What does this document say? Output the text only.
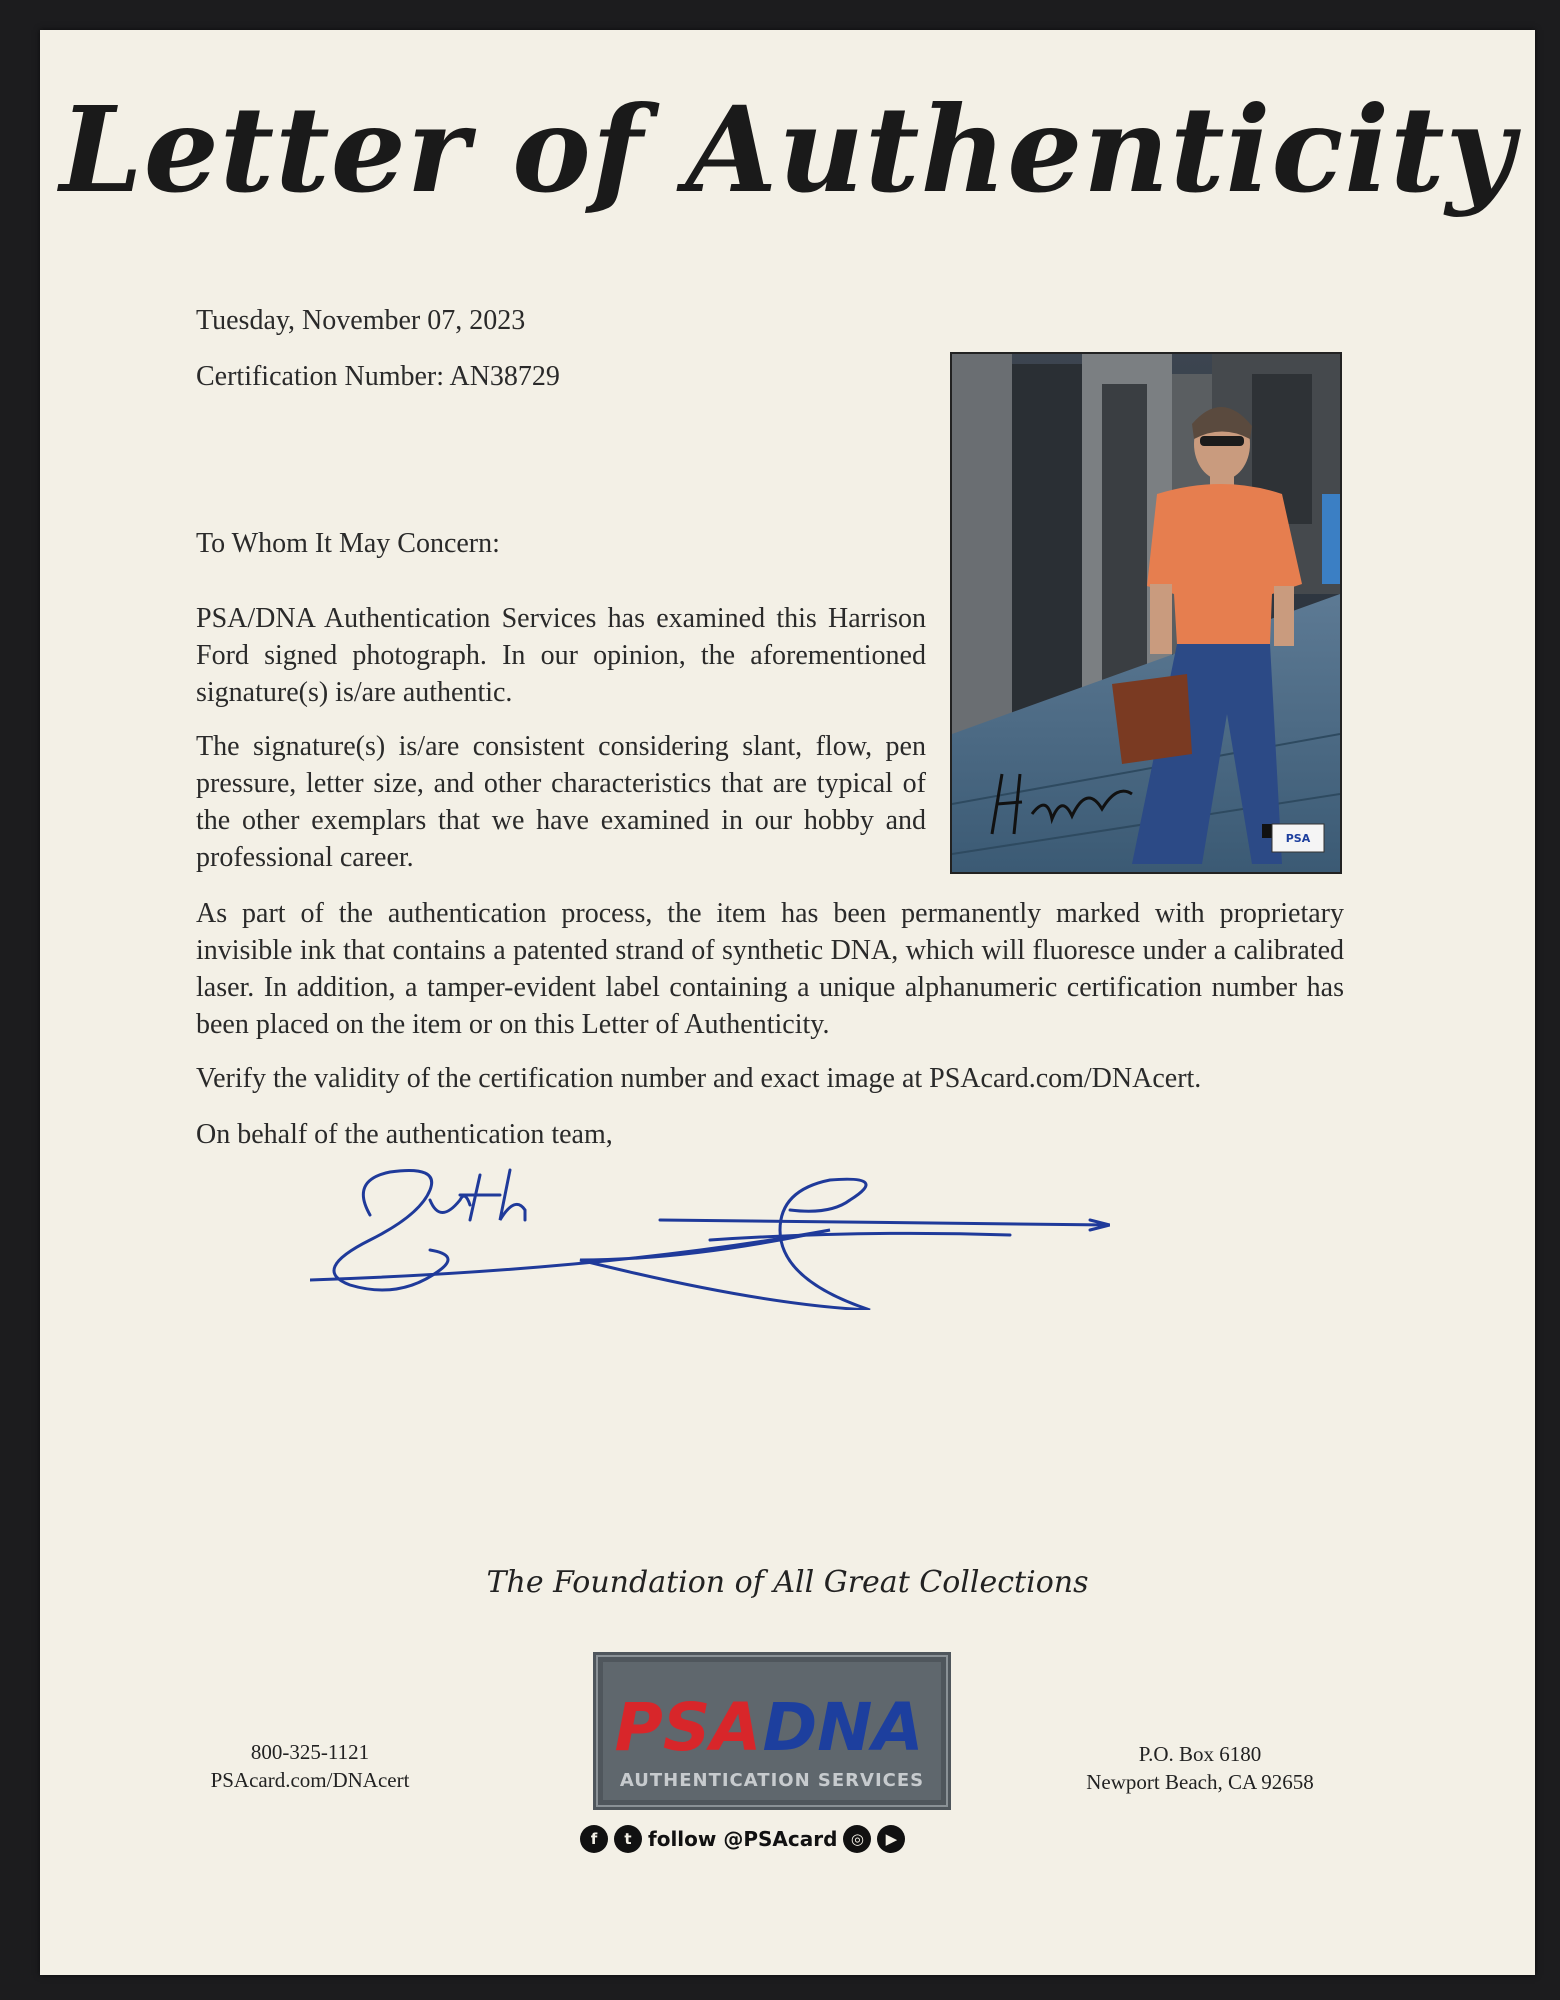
Letter of Authenticity
Tuesday, November 07, 2023
Certification Number: AN38729
To Whom It May Concern:

PSA/DNA Authentication Services has examined this Harrison Ford signed photograph. In our opinion, the aforementioned signature(s) is/are authentic.

The signature(s) is/are consistent considering slant, flow, pen pressure, letter size, and other characteristics that are typical of the other exemplars that we have examined in our hobby and professional career.

As part of the authentication process, the item has been permanently marked with proprietary invisible ink that contains a patented strand of synthetic DNA, which will fluoresce under a calibrated laser. In addition, a tamper-evident label containing a unique alphanumeric certification number has been placed on the item or on this Letter of Authenticity.

Verify the validity of the certification number and exact image at PSAcard.com/DNAcert.

On behalf of the authentication team,

PSA
The Foundation of All Great Collections
PSA DNA
AUTHENTICATION SERVICES
f	t follow @PSAcard ◎	▶
800-325-1121
PSAcard.com/DNAcert
P.O. Box 6180
Newport Beach, CA 92658
